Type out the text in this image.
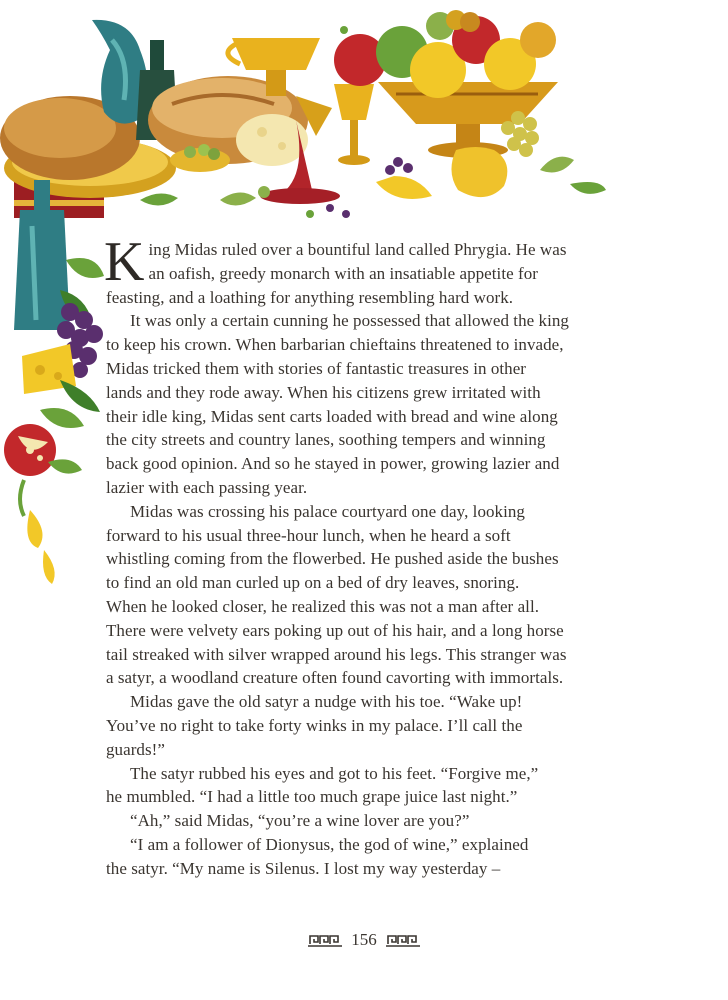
K ing Midas ruled over a bountiful land called Phrygia. He was
an oafish, greedy monarch with an insatiable appetite for

feasting, and a loathing for anything resembling hard work.

It was only a certain cunning he possessed that allowed the king
to keep his crown. When barbarian chieftains threatened to invade,
Midas tricked them with stories of fantastic treasures in other
lands and they rode away. When his citizens grew irritated with
their idle king, Midas sent carts loaded with bread and wine along
the city streets and country lanes, soothing tempers and winning
back good opinion. And so he stayed in power, growing lazier and
lazier with each passing year.

Midas was crossing his palace courtyard one day, looking
forward to his usual three-hour lunch, when he heard a soft
whistling coming from the flowerbed. He pushed aside the bushes
to find an old man curled up on a bed of dry leaves, snoring.
When he looked closer, he realized this was not a man after all.
There were velvety ears poking up out of his hair, and a long horse
tail streaked with silver wrapped around his legs. This stranger was
a satyr, a woodland creature often found cavorting with immortals.

Midas gave the old satyr a nudge with his toe. “Wake up!
You’ve no right to take forty winks in my palace. I’ll call the
guards!”

The satyr rubbed his eyes and got to his feet. “Forgive me,”
he mumbled. “I had a little too much grape juice last night.”

“Ah,” said Midas, “you’re a wine lover are you?”

“I am a follower of Dionysus, the god of wine,” explained
the satyr. “My name is Silenus. I lost my way yesterday –

156
